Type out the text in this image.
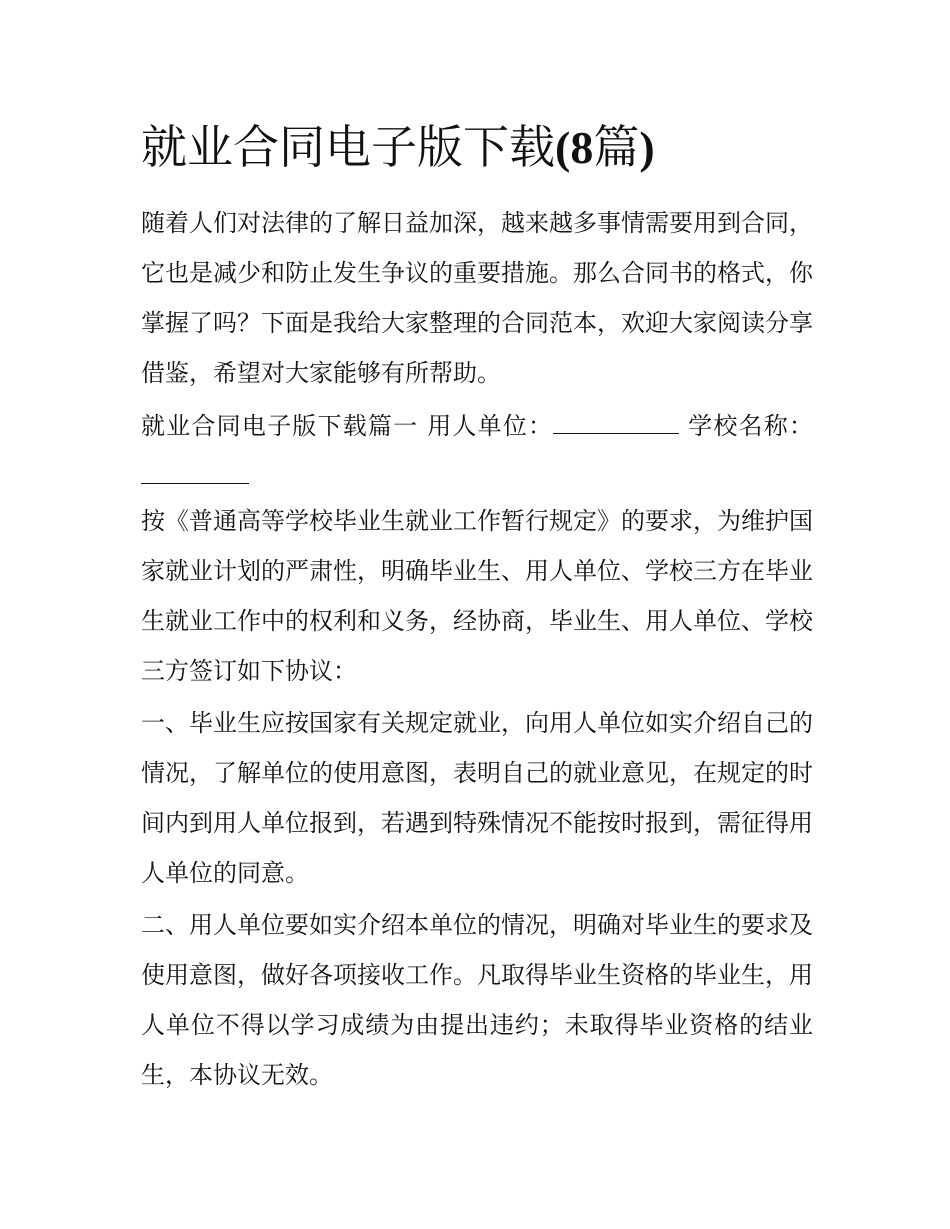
就业合同电子版下载(8篇)

随着人们对法律的了解日益加深，越来越多事情需要用到合同，它也是减少和防止发生争议的重要措施。那么合同书的格式，你掌握了吗？下面是我给大家整理的合同范本，欢迎大家阅读分享借鉴，希望对大家能够有所帮助。

就业合同电子版下载篇一 用人单位：	学校名称：

按《普通高等学校毕业生就业工作暂行规定》的要求，为维护国家就业计划的严肃性，明确毕业生、用人单位、学校三方在毕业生就业工作中的权利和义务，经协商，毕业生、用人单位、学校三方签订如下协议：

一、毕业生应按国家有关规定就业，向用人单位如实介绍自己的情况，了解单位的使用意图，表明自己的就业意见，在规定的时间内到用人单位报到，若遇到特殊情况不能按时报到，需征得用人单位的同意。

二、用人单位要如实介绍本单位的情况，明确对毕业生的要求及使用意图，做好各项接收工作。凡取得毕业生资格的毕业生，用人单位不得以学习成绩为由提出违约；未取得毕业资格的结业生，本协议无效。
